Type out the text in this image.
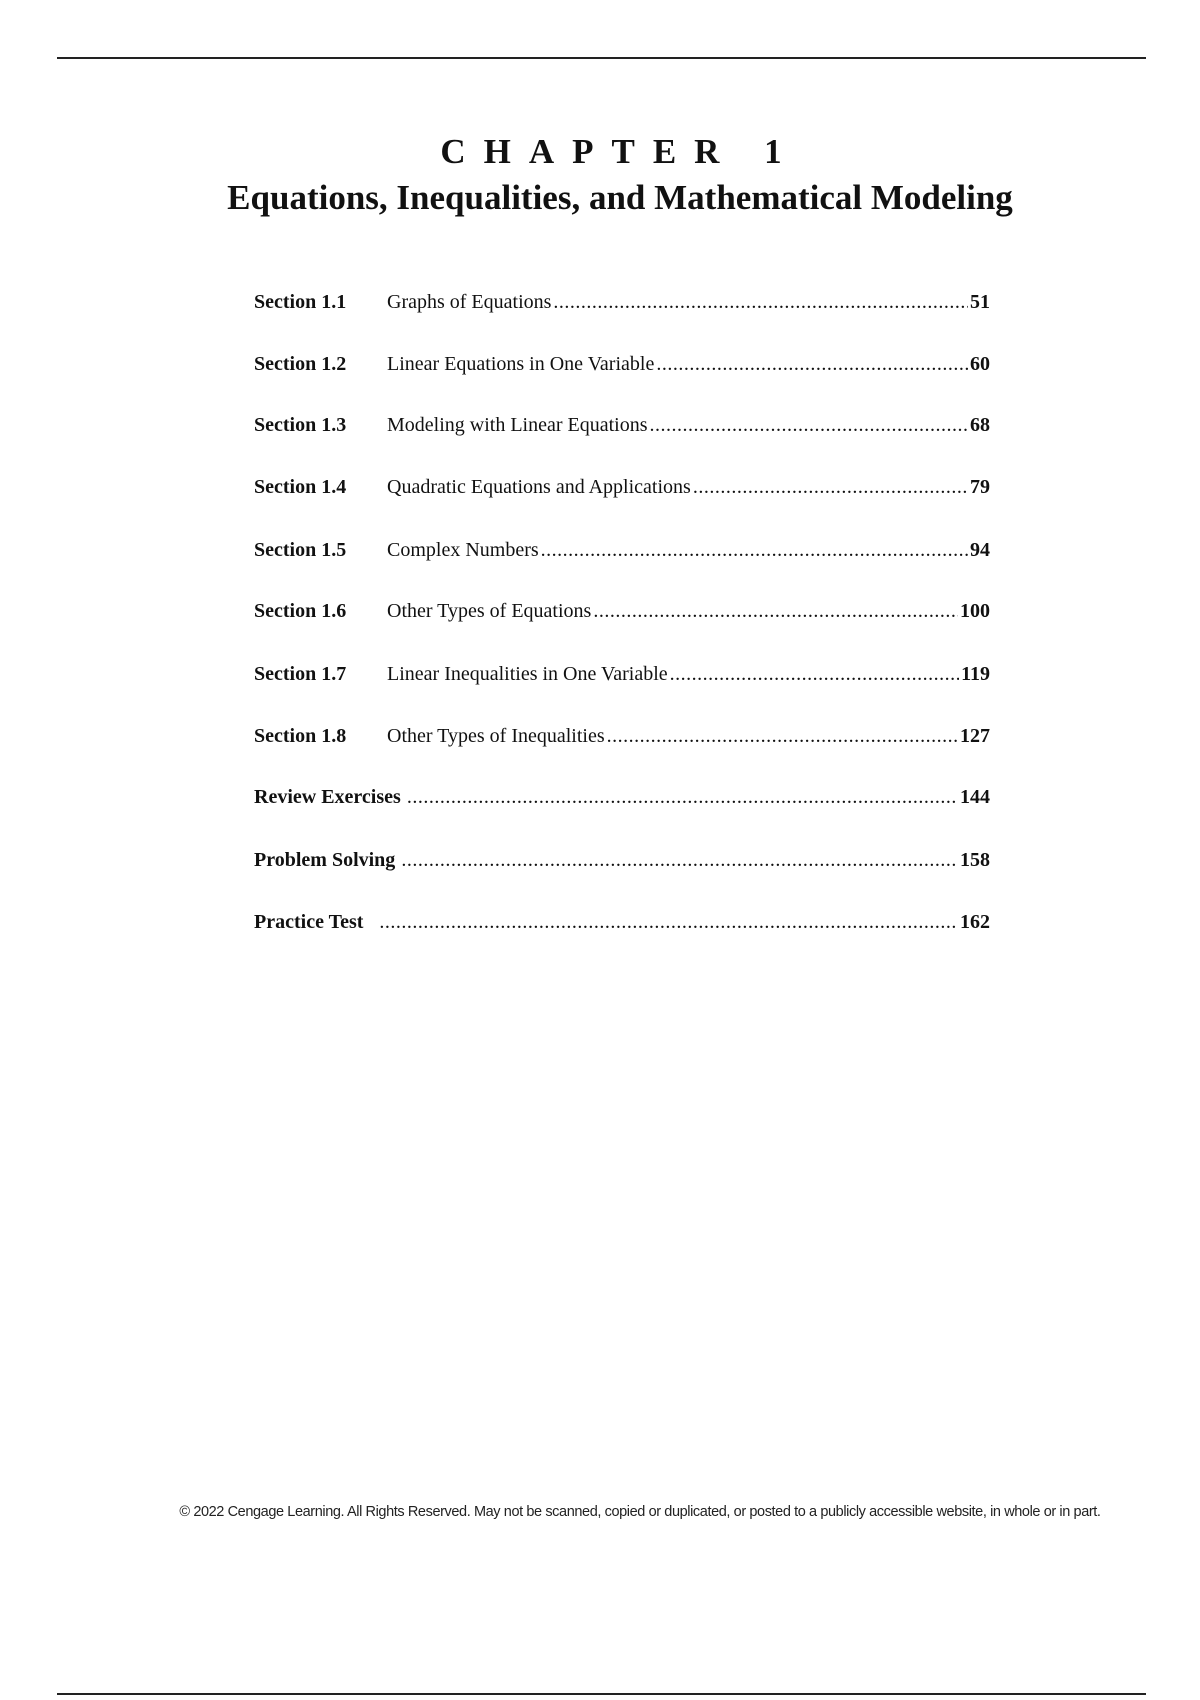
CHAPTER 1
Equations, Inequalities, and Mathematical Modeling
Section 1.1	Graphs of Equations .....	51
Section 1.2	Linear Equations in One Variable .....	60
Section 1.3	Modeling with Linear Equations .....	68
Section 1.4	Quadratic Equations and Applications .....	79
Section 1.5	Complex Numbers .....	94
Section 1.6	Other Types of Equations .....	100
Section 1.7	Linear Inequalities in One Variable .....	119
Section 1.8	Other Types of Inequalities .....	127
Review Exercises .....	144
Problem Solving .....	158
Practice Test .....	162
© 2022 Cengage Learning. All Rights Reserved. May not be scanned, copied or duplicated, or posted to a publicly accessible website, in whole or in part.
